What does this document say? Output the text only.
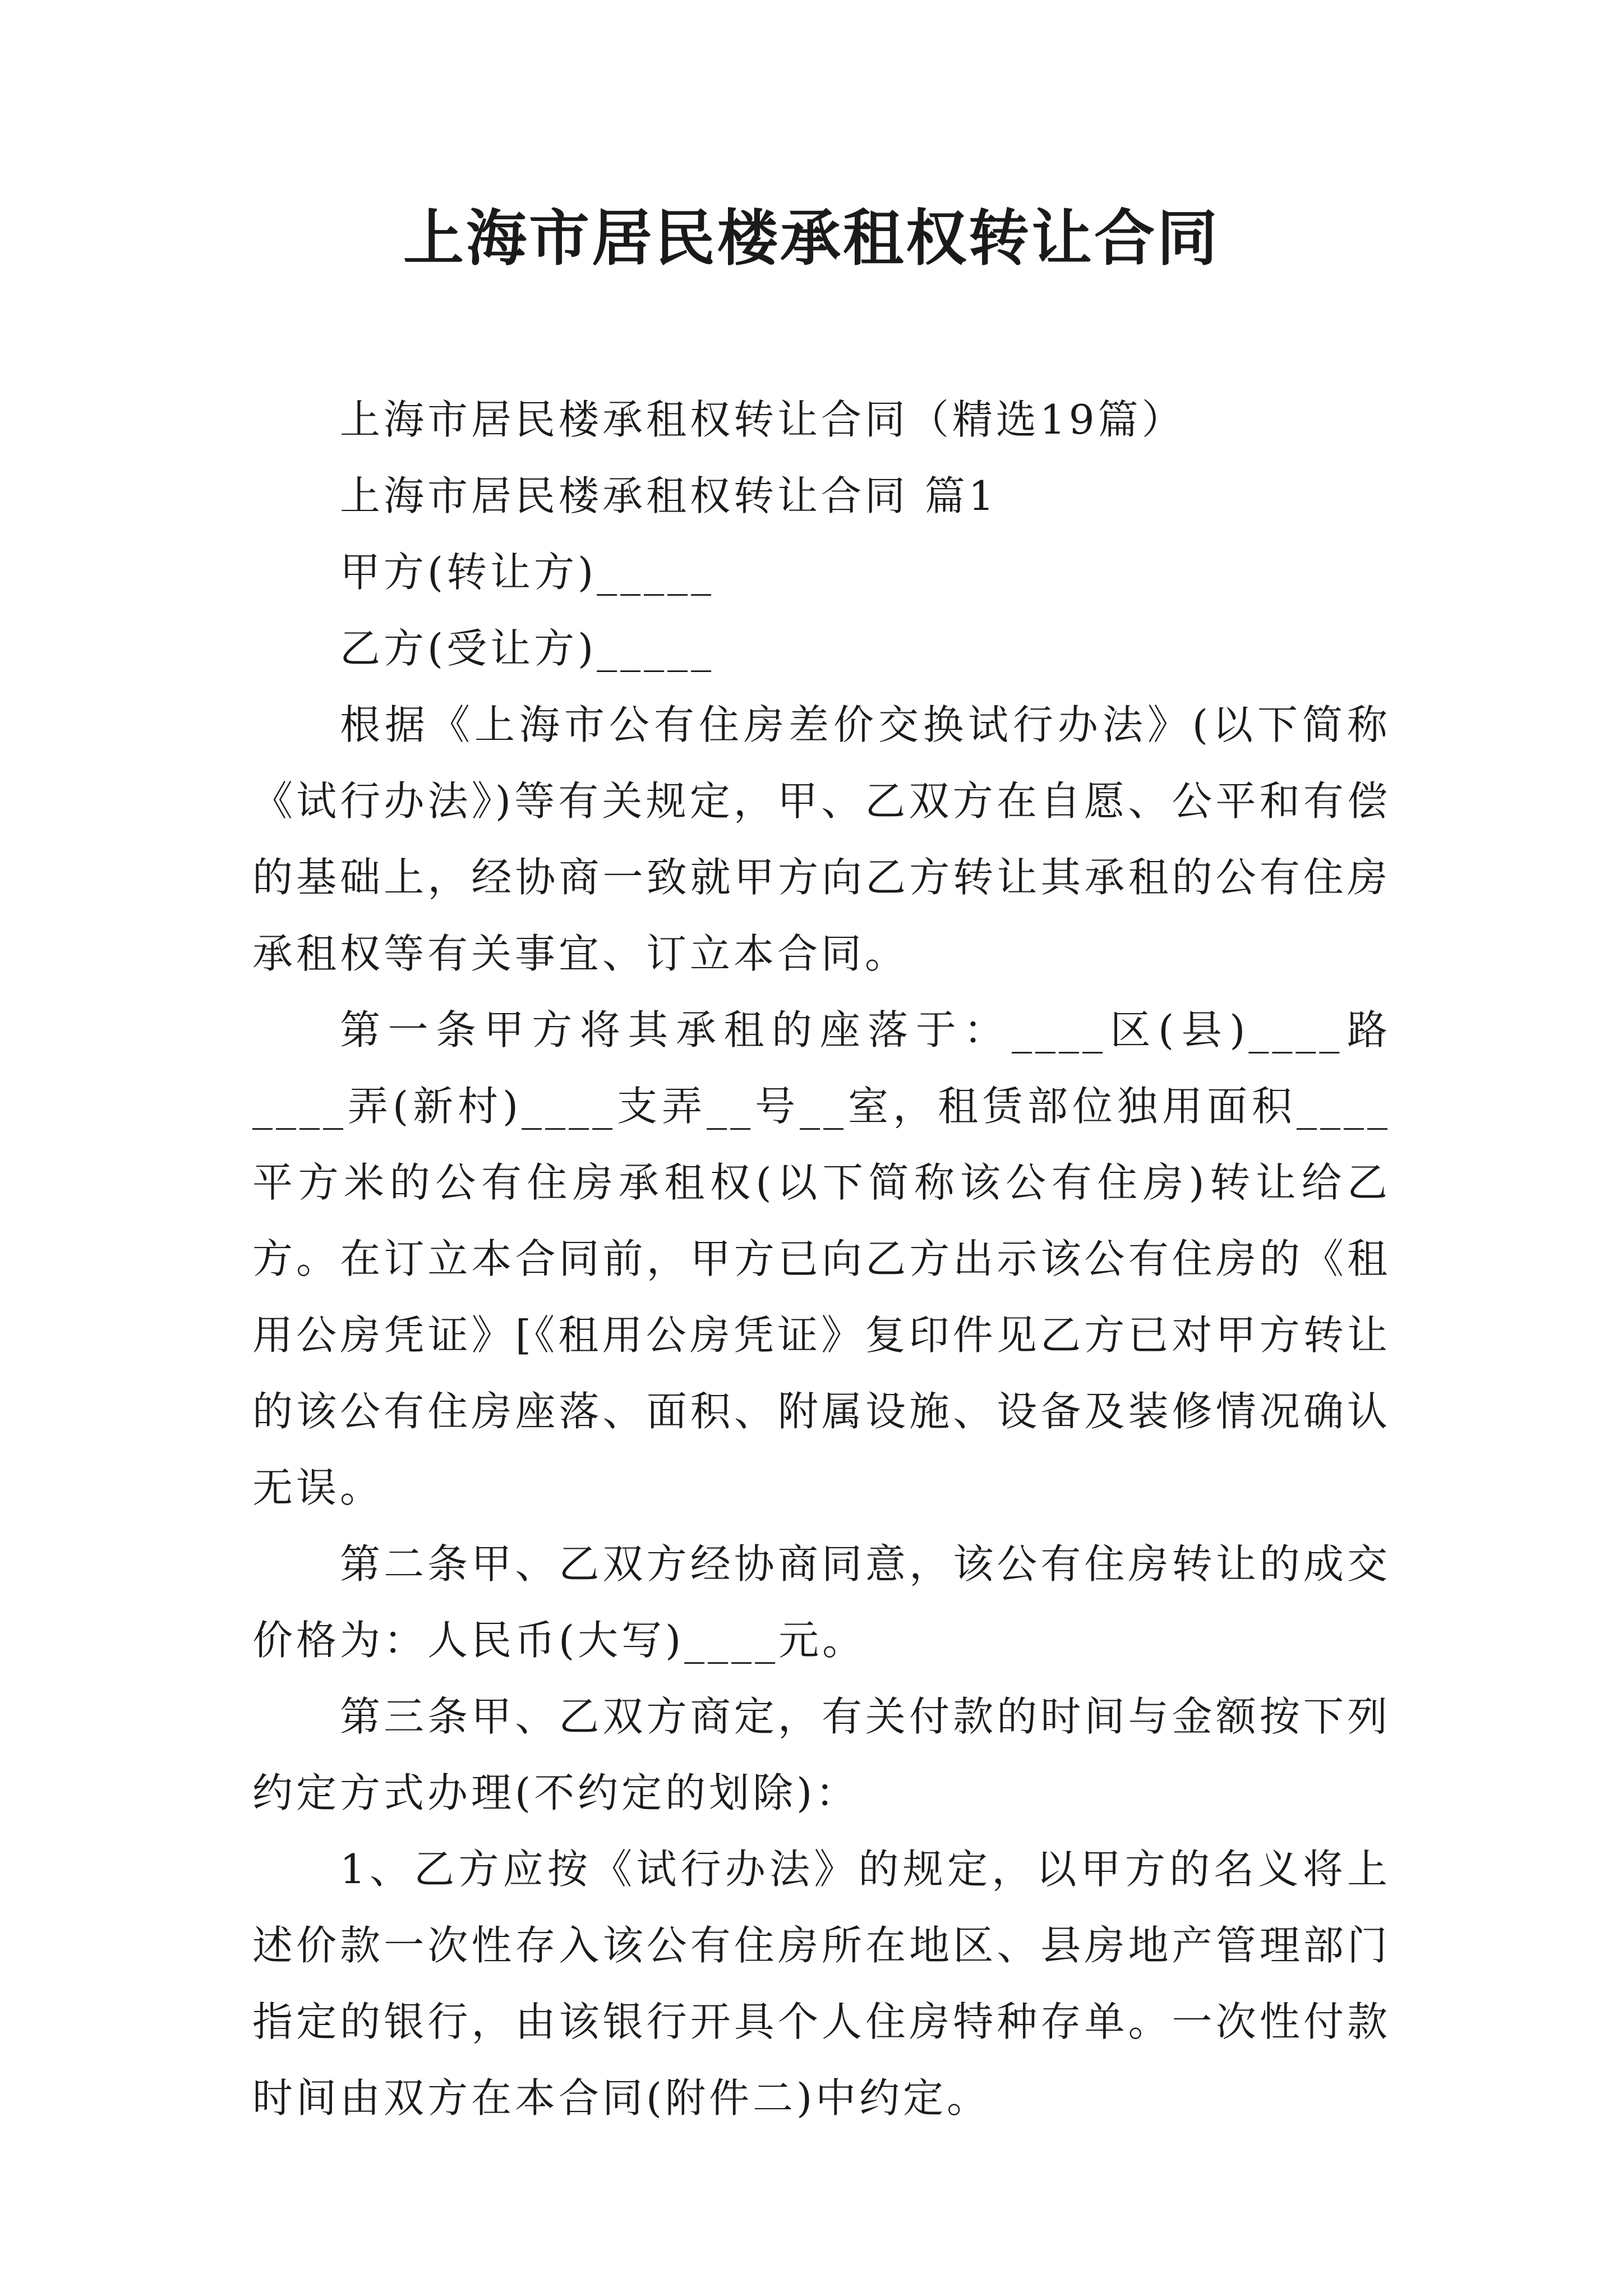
上海市居民楼承租权转让合同

上海市居民楼承租权转让合同（精选19篇）

上海市居民楼承租权转让合同 篇1

甲方(转让方)_____

乙方(受让方)_____

根据《上海市公有住房差价交换试行办法》(以下简称《试行办法》)等有关规定，甲、乙双方在自愿、公平和有偿的基础上，经协商一致就甲方向乙方转让其承租的公有住房承租权等有关事宜、订立本合同。

第一条甲方将其承租的座落于：____区(县)____路____弄(新村)____支弄__号__室，租赁部位独用面积____平方米的公有住房承租权(以下简称该公有住房)转让给乙方。在订立本合同前，甲方已向乙方出示该公有住房的《租用公房凭证》[《租用公房凭证》复印件见乙方已对甲方转让的该公有住房座落、面积、附属设施、设备及装修情况确认无误。

第二条甲、乙双方经协商同意，该公有住房转让的成交价格为：人民币(大写)____元。

第三条甲、乙双方商定，有关付款的时间与金额按下列约定方式办理(不约定的划除)：

1、乙方应按《试行办法》的规定，以甲方的名义将上述价款一次性存入该公有住房所在地区、县房地产管理部门指定的银行，由该银行开具个人住房特种存单。一次性付款时间由双方在本合同(附件二)中约定。
